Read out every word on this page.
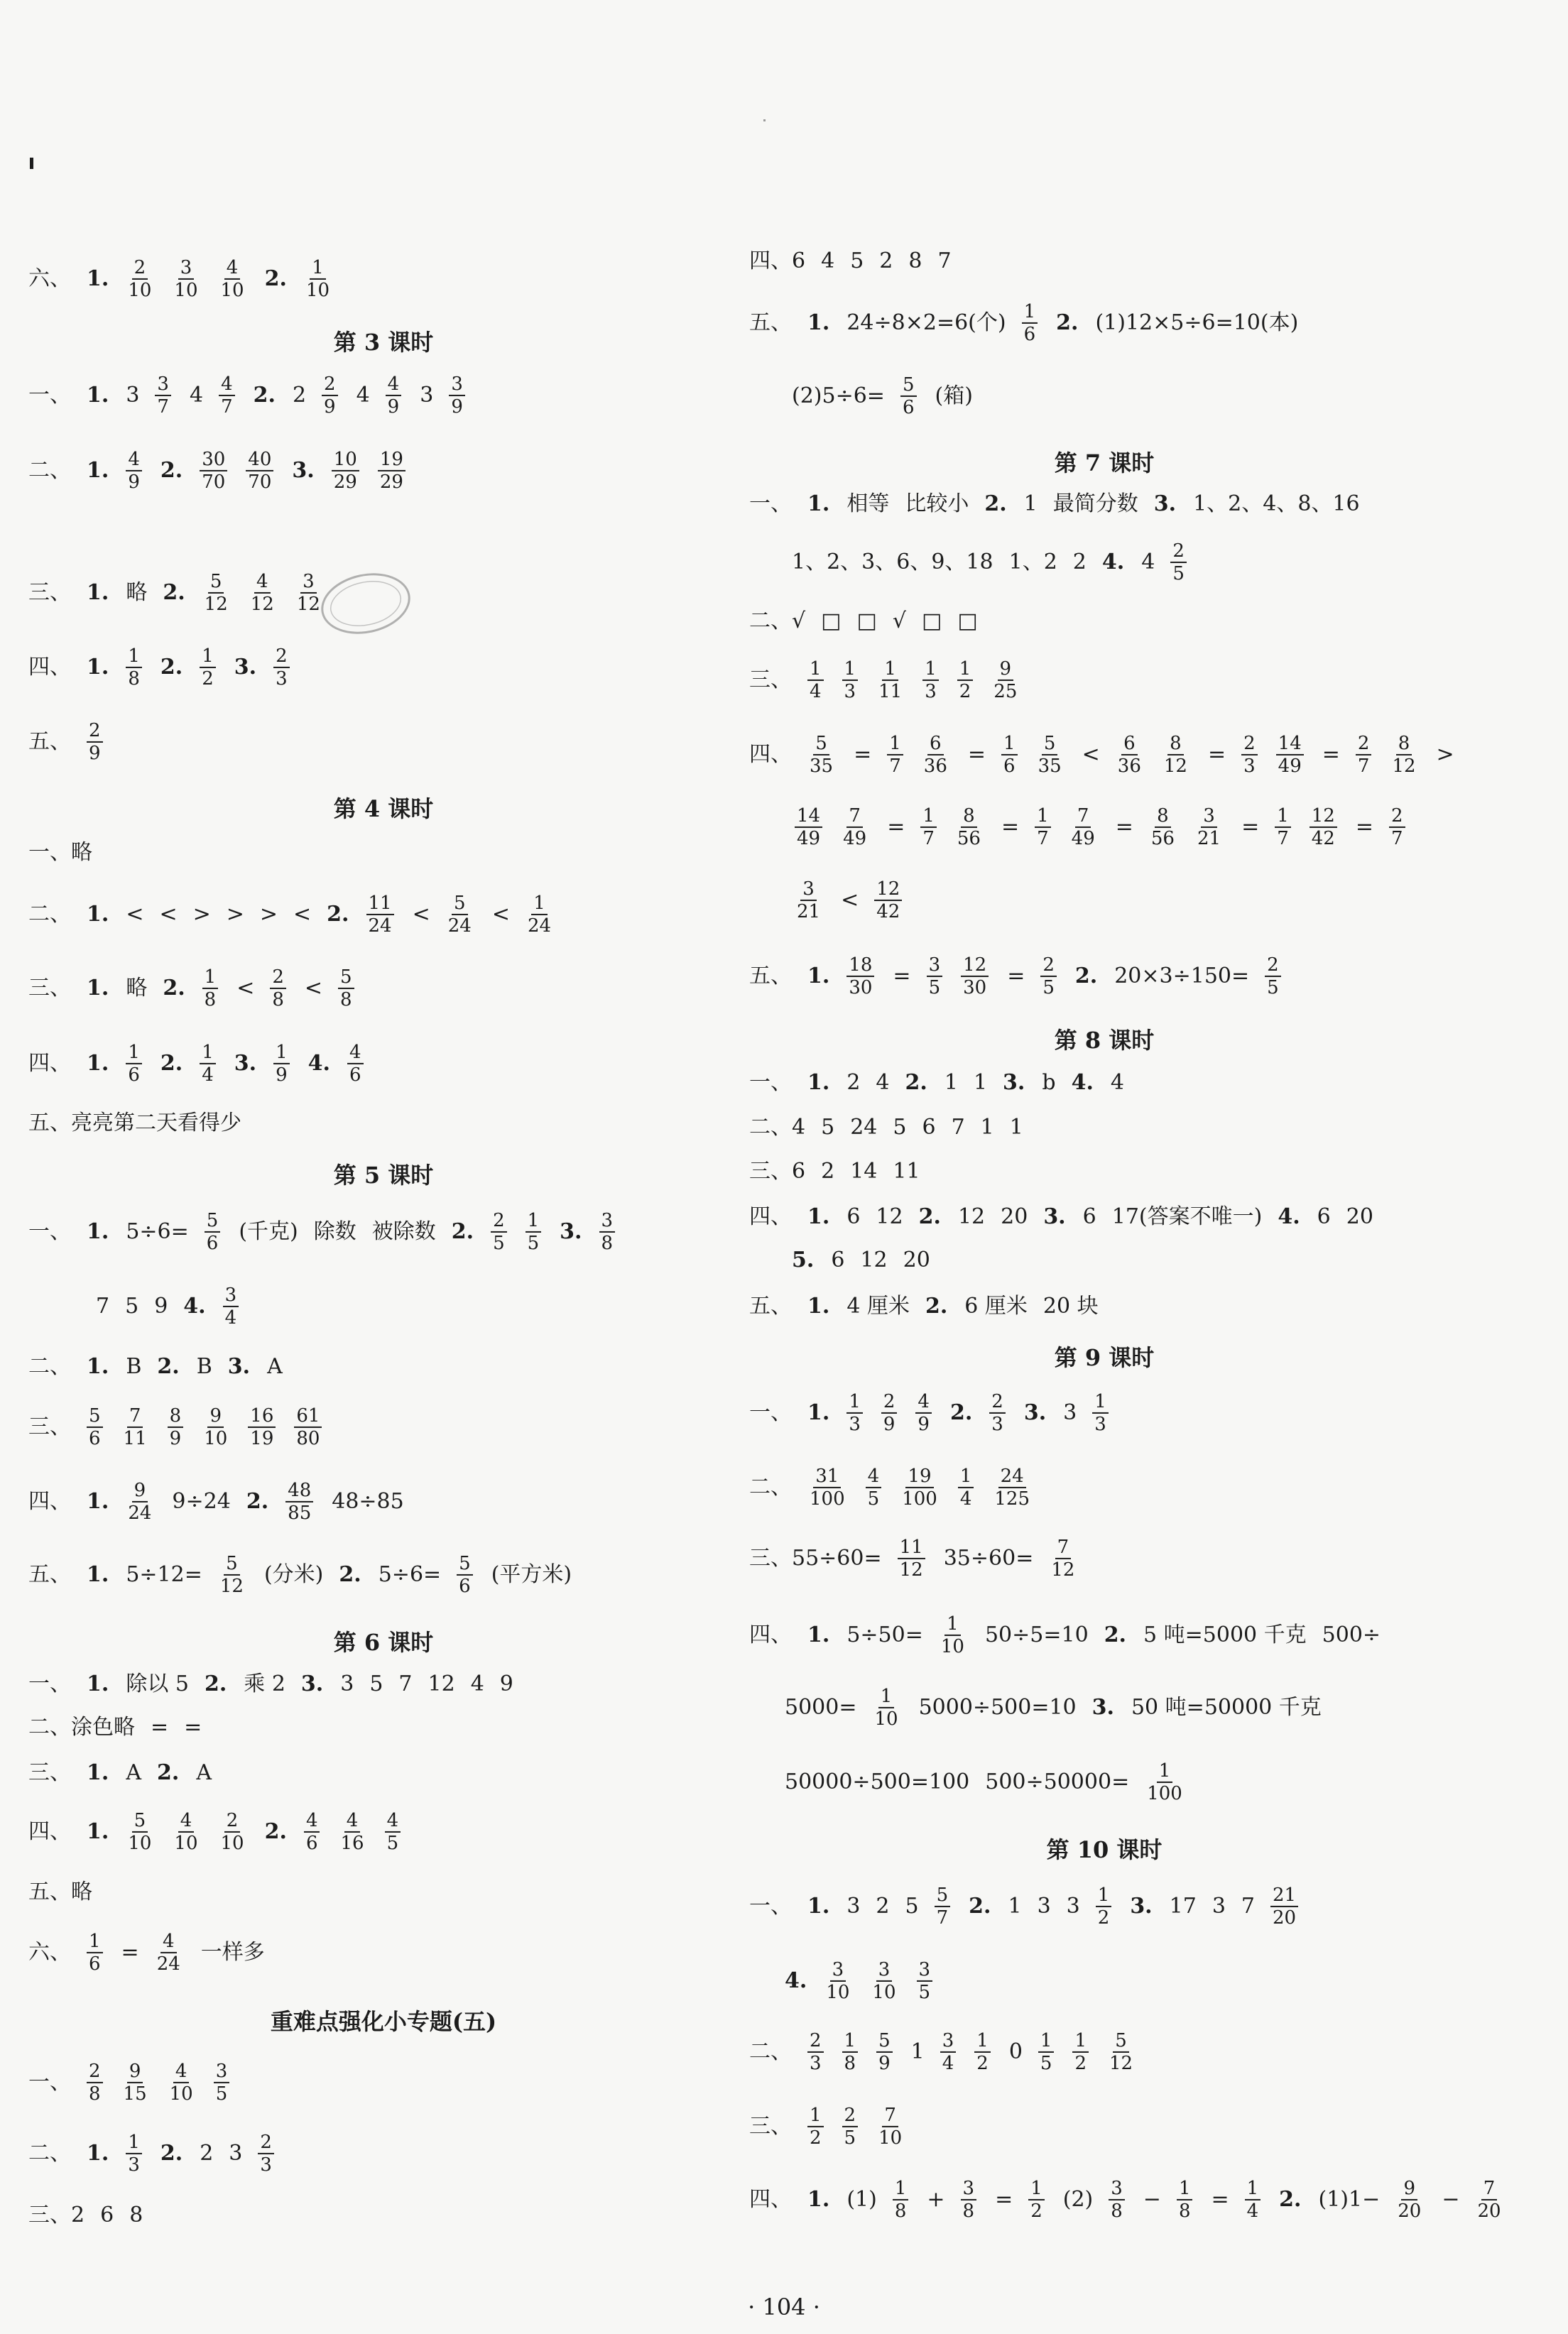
六、 1. $\frac{2}{10} \frac{3}{10} \frac{4}{10} 2$. $\frac{1}{10}$
第 3 课时
一、 1. $3 \frac{3}{7} 4 \frac{4}{7} 2$. $2 \frac{2}{9} 4 \frac{4}{9} 3 \frac{3}{9}$
二、 1. $\frac{4}{9} 2$. $\frac{30}{70} \frac{40}{70} 3$. $\frac{10}{29} \frac{19}{29}$
三、 1. 略 2. $\frac{5}{12} \frac{4}{12} \frac{3}{12}$
四、 1. $\frac{1}{8} 2$. $\frac{1}{2} 3$. $\frac{2}{3}$
五、 $\frac{2}{9}$
第 4 课时
一、略
二、 1. < < > > > < 2. $\frac{11}{24} < \frac{5}{24} < \frac{1}{24}$
三、 1. 略 2. $\frac{1}{8} < \frac{2}{8} < \frac{5}{8}$
四、 1. $\frac{1}{6} 2$. $\frac{1}{4} 3$. $\frac{1}{9} 4$. $\frac{4}{6}$
五、亮亮第二天看得少
第 5 课时
一、 1. $5\div 6= \frac{5}{6}$ (千克) 除数 被除数 2. $\frac{2}{5} \frac{1}{5} 3$. $\frac{3}{8}$
7 5 9 4. $\frac{3}{4}$
二、 1. B 2. B 3. A
三、 $\frac{5}{6} \frac{7}{11} \frac{8}{9} \frac{9}{10} \frac{16}{19} \frac{61}{80}$
四、 1. $\frac{9}{24} 9\div 24$ 2. $\frac{48}{85} 48\div 85$
五、 1. $5\div 12= \frac{5}{12}$ (分米) 2. $5\div 6= \frac{5}{6}$ (平方米)
第 6 课时
一、 1. 除以 5 2. 乘 2 3. 3 5 7 12 4 9
二、涂色略 = =
三、 1. A 2. A
四、 1. $\frac{5}{10} \frac{4}{10} \frac{2}{10} 2$. $\frac{4}{6} \frac{4}{16} \frac{4}{5}$
五、略
六、 $\frac{1}{6} = \frac{4}{24}$ 一样多
重难点强化小专题(五)
一、 $\frac{2}{8} \frac{9}{15} \frac{4}{10} \frac{3}{5}$
二、 1. $\frac{1}{3} 2$. 2 $3 \frac{2}{3}$
三、2 6 8
四、6 4 5 2 8 7
五、 1. 24÷8×2=6(个) $\frac{1}{6} 2$. (1)12×5÷6=10(本)
$(2)5\div 6= \frac{5}{6}$ (箱)
第 7 课时
一、 1. 相等 比较小 2. 1 最简分数 3. 1、2、4、8、16
1、2、3、6、9、18 1、2 2 4. $4 \frac{2}{5}$
二、√ □ □ √ □ □
三、 $\frac{1}{4} \frac{1}{3} \frac{1}{11} \frac{1}{3} \frac{1}{2} \frac{9}{25}$
四、 $\frac{5}{35} = \frac{1}{7} \frac{6}{36} = \frac{1}{6} \frac{5}{35} < \frac{6}{36} \frac{8}{12} = \frac{2}{3} \frac{14}{49} = \frac{2}{7} \frac{8}{12}$ >
$\frac{14}{49} \frac{7}{49} = \frac{1}{7} \frac{8}{56} = \frac{1}{7} \frac{7}{49} = \frac{8}{56} \frac{3}{21} = \frac{1}{7} \frac{12}{42} = \frac{2}{7}$
$\frac{3}{21} < \frac{12}{42}$
五、 1. $\frac{18}{30} = \frac{3}{5} \frac{12}{30} = \frac{2}{5} 2$. $20\times 3\div 150= \frac{2}{5}$
第 8 课时
一、 1. 2 4 2. 1 1 3. b 4. 4
二、4 5 24 5 6 7 1 1
三、6 2 14 11
四、 1. 6 12 2. 12 20 3. 6 17(答案不唯一) 4. 6 20
5. 6 12 20
五、 1. 4 厘米 2. 6 厘米 20 块
第 9 课时
一、 1. $\frac{1}{3} \frac{2}{9} \frac{4}{9} 2$. $\frac{2}{3} 3$. $3 \frac{1}{3}$
二、 $\frac{31}{100} \frac{4}{5} \frac{19}{100} \frac{1}{4} \frac{24}{125}$
三、$55\div 60= \frac{11}{12} 35\div 60= \frac{7}{12}$
四、 1. $5\div 50= \frac{1}{10} 50\div 5=10$ 2. 5 吨=5000 千克 500÷
$5000= \frac{1}{10} 5000\div 500=10$ 3. 50 吨=50000 千克
50000÷500=100 $500\div 50000= \frac{1}{100}$
第 10 课时
一、 1. 3 2 $5 \frac{5}{7} 2$. 1 3 $3 \frac{1}{2} 3$. 17 3 $7 \frac{21}{20}$
4. $\frac{3}{10} \frac{3}{10} \frac{3}{5}$
二、 $\frac{2}{3} \frac{1}{8} \frac{5}{9} 1 \frac{3}{4} \frac{1}{2} 0 \frac{1}{5} \frac{1}{2} \frac{5}{12}$
三、 $\frac{1}{2} \frac{2}{5} \frac{7}{10}$
四、 1. $(1) \frac{1}{8} + \frac{3}{8} = \frac{1}{2} (2) \frac{3}{8} - \frac{1}{8} = \frac{1}{4} 2$. $(1)1- \frac{9}{20} - \frac{7}{20}$
· 104 ·
